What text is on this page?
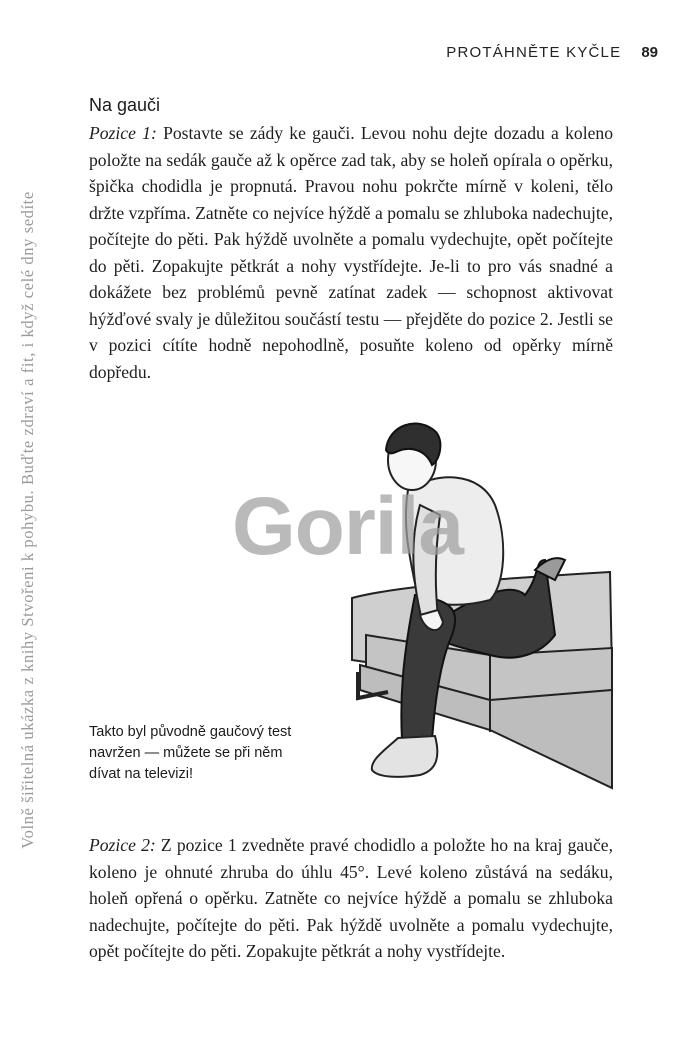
PROTÁHNĚTE KYČLE 89
Volně šiřitelná ukázka z knihy Stvořeni k pohybu. Buďte zdraví a fit, i když celé dny sedíte
Na gauči

Pozice 1: Postavte se zády ke gauči. Levou nohu dejte dozadu a koleno položte na sedák gauče až k opěrce zad tak, aby se holeň opírala o opěrku, špička chodidla je propnutá. Pravou nohu pokrčte mírně v koleni, tělo držte vzpříma. Zatněte co nejvíce hýždě a pomalu se zhluboka nadechujte, počítejte do pěti. Pak hýždě uvolněte a pomalu vydechujte, opět počítejte do pěti. Zopakujte pětkrát a nohy vystřídejte. Je-li to pro vás snadné a dokážete bez problémů pevně zatínat zadek — schopnost aktivovat hýžďové svaly je důležitou součástí testu — přejděte do pozice 2. Jestli se v pozici cítíte hodně nepohodlně, posuňte koleno od opěrky mírně dopředu.

Gorila
Takto byl původně gaučový test navržen — můžete se při něm dívat na televizi!

Pozice 2: Z pozice 1 zvedněte pravé chodidlo a položte ho na kraj gauče, koleno je ohnuté zhruba do úhlu 45°. Levé koleno zůstává na sedáku, holeň opřená o opěrku. Zatněte co nejvíce hýždě a pomalu se zhluboka nadechujte, počítejte do pěti. Pak hýždě uvolněte a pomalu vydechujte, opět počítejte do pěti. Zopakujte pětkrát a nohy vystřídejte.
